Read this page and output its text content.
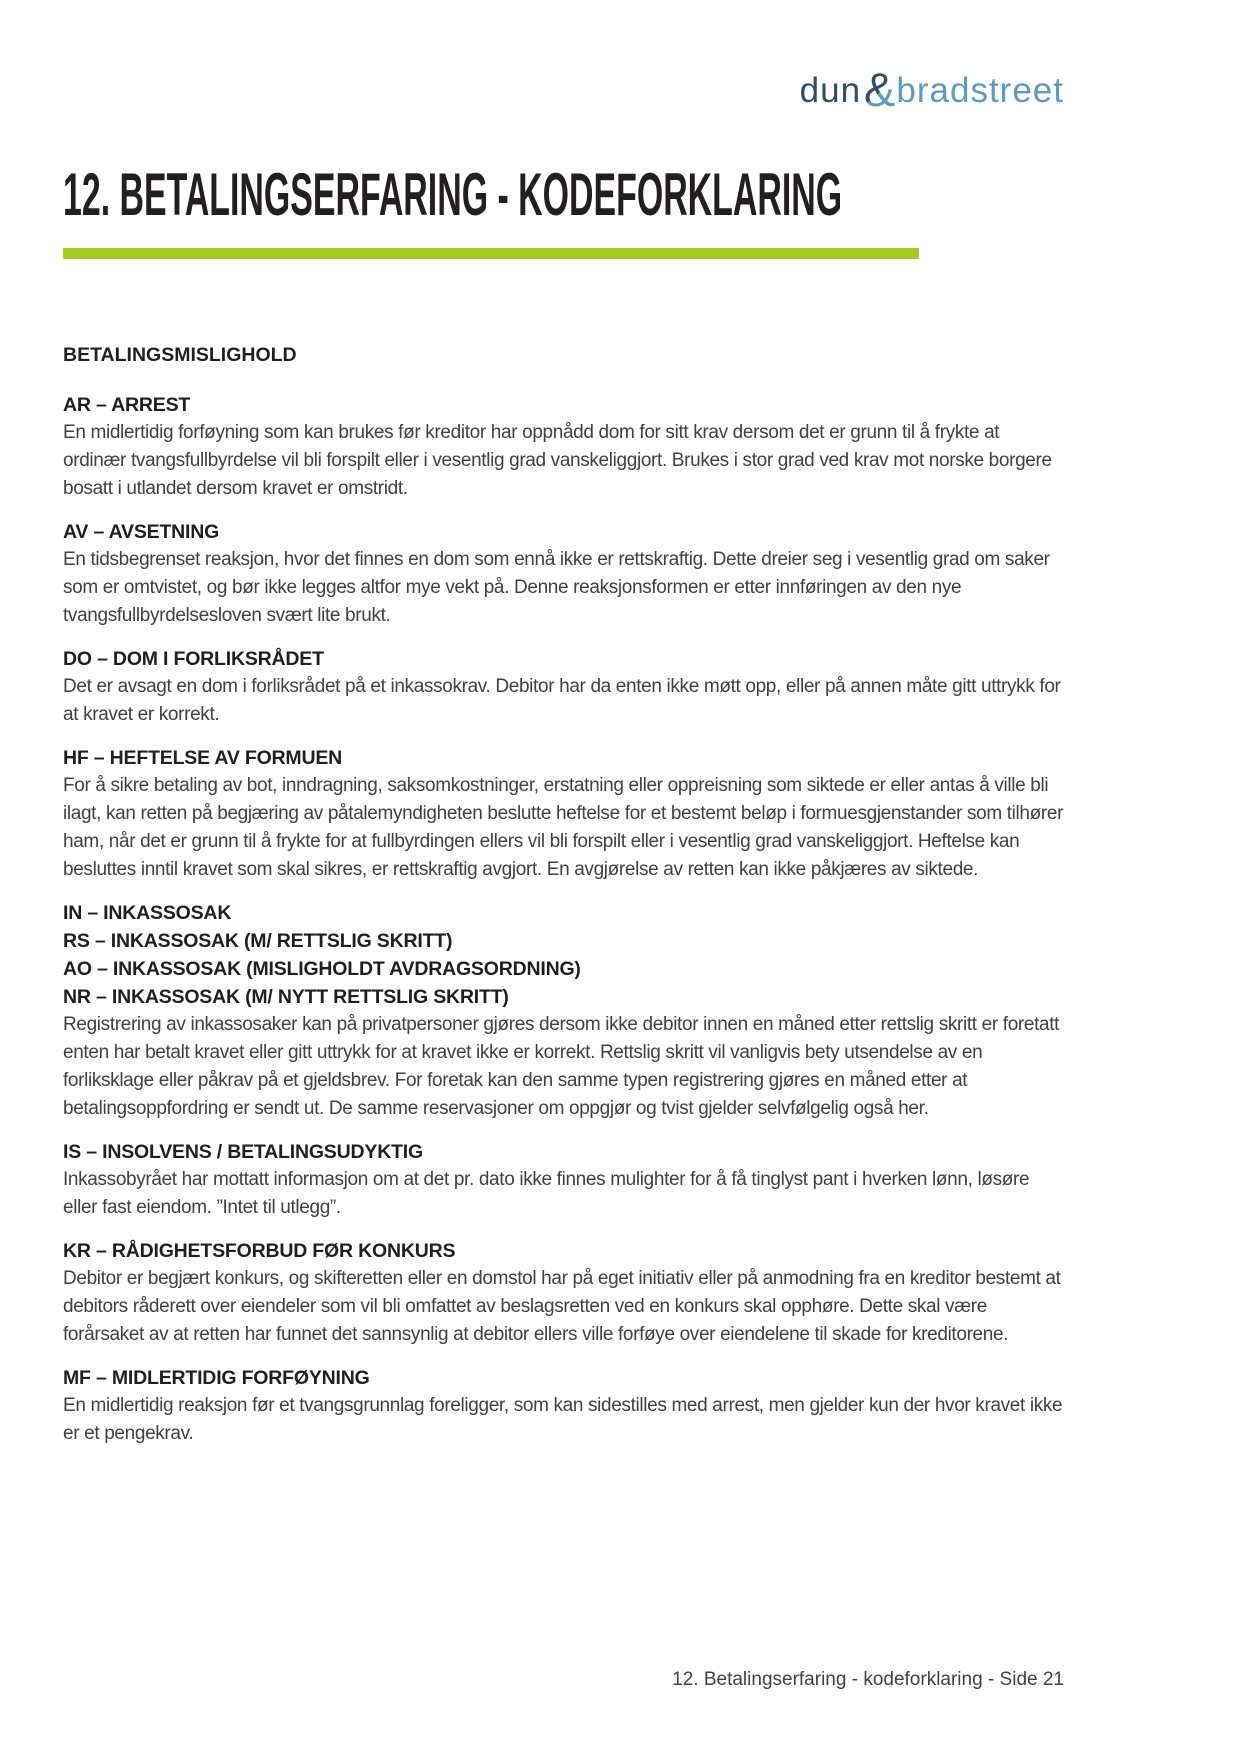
dun & bradstreet
12. BETALINGSERFARING - KODEFORKLARING
BETALINGSMISLIGHOLD
AR – ARREST

En midlertidig forføyning som kan brukes før kreditor har oppnådd dom for sitt krav dersom det er grunn til å frykte at ordinær tvangsfullbyrdelse vil bli forspilt eller i vesentlig grad vanskeliggjort. Brukes i stor grad ved krav mot norske borgere bosatt i utlandet dersom kravet er omstridt.

AV – AVSETNING

En tidsbegrenset reaksjon, hvor det finnes en dom som ennå ikke er rettskraftig. Dette dreier seg i vesentlig grad om saker som er omtvistet, og bør ikke legges altfor mye vekt på. Denne reaksjonsformen er etter innføringen av den nye tvangsfullbyrdelsesloven svært lite brukt.

DO – DOM I FORLIKSRÅDET

Det er avsagt en dom i forliksrådet på et inkassokrav. Debitor har da enten ikke møtt opp, eller på annen måte gitt uttrykk for at kravet er korrekt.

HF – HEFTELSE AV FORMUEN

For å sikre betaling av bot, inndragning, saksomkostninger, erstatning eller oppreisning som siktede er eller antas å ville bli ilagt, kan retten på begjæring av påtalemyndigheten beslutte heftelse for et bestemt beløp i formuesgjenstander som tilhører ham, når det er grunn til å frykte for at fullbyrdingen ellers vil bli forspilt eller i vesentlig grad vanskeliggjort. Heftelse kan besluttes inntil kravet som skal sikres, er rettskraftig avgjort. En avgjørelse av retten kan ikke påkjæres av siktede.

IN – INKASSOSAK
RS – INKASSOSAK (M/ RETTSLIG SKRITT)
AO – INKASSOSAK (MISLIGHOLDT AVDRAGSORDNING)
NR – INKASSOSAK (M/ NYTT RETTSLIG SKRITT)

Registrering av inkassosaker kan på privatpersoner gjøres dersom ikke debitor innen en måned etter rettslig skritt er foretatt enten har betalt kravet eller gitt uttrykk for at kravet ikke er korrekt. Rettslig skritt vil vanligvis bety utsendelse av en forliksklage eller påkrav på et gjeldsbrev. For foretak kan den samme typen registrering gjøres en måned etter at betalingsoppfordring er sendt ut. De samme reservasjoner om oppgjør og tvist gjelder selvfølgelig også her.

IS – INSOLVENS / BETALINGSUDYKTIG

Inkassobyrået har mottatt informasjon om at det pr. dato ikke finnes mulighter for å få tinglyst pant i hverken lønn, løsøre eller fast eiendom. ”Intet til utlegg”.

KR – RÅDIGHETSFORBUD FØR KONKURS

Debitor er begjært konkurs, og skifteretten eller en domstol har på eget initiativ eller på anmodning fra en kreditor bestemt at debitors råderett over eiendeler som vil bli omfattet av beslagsretten ved en konkurs skal opphøre. Dette skal være forårsaket av at retten har funnet det sannsynlig at debitor ellers ville forføye over eiendelene til skade for kreditorene.

MF – MIDLERTIDIG FORFØYNING

En midlertidig reaksjon før et tvangsgrunnlag foreligger, som kan sidestilles med arrest, men gjelder kun der hvor kravet ikke er et pengekrav.

12. Betalingserfaring - kodeforklaring - Side 21
